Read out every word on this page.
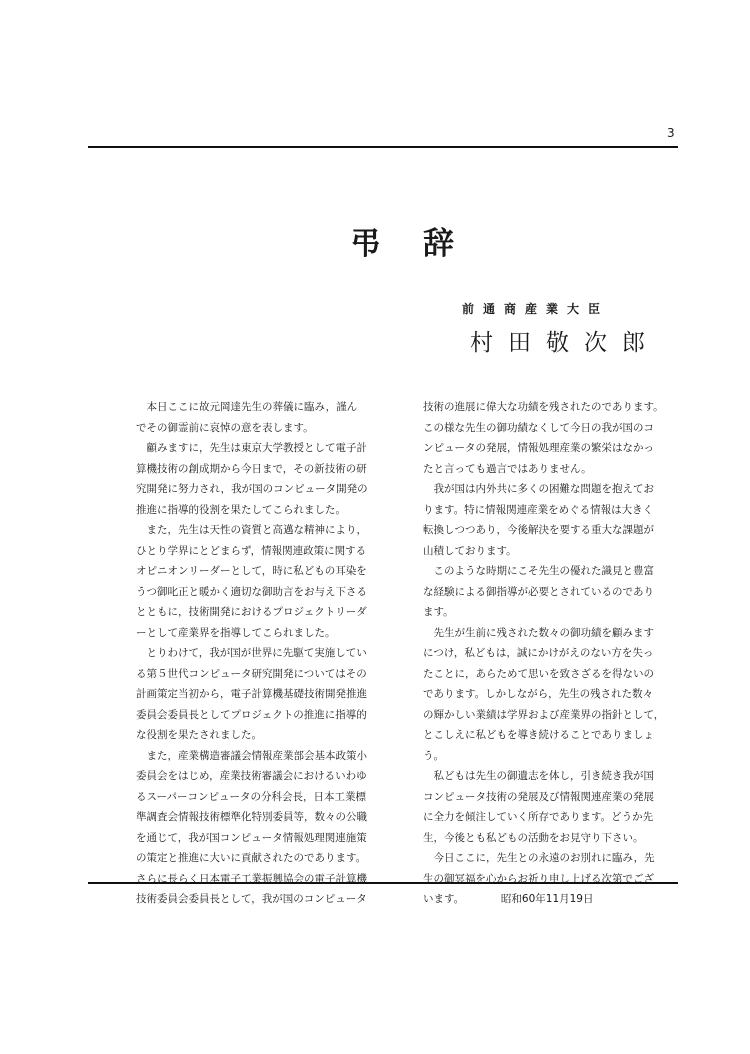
3
弔辞
前通商産業大臣
村田敬次郎
本日ここに故元岡達先生の葬儀に臨み，謹ん
でその御霊前に哀悼の意を表します。
顧みますに，先生は東京大学教授として電子計
算機技術の創成期から今日まで，その新技術の研
究開発に努力され，我が国のコンピュータ開発の
推進に指導的役割を果たしてこられました。
また，先生は天性の資質と高邁な精神により，
ひとり学界にとどまらず，情報関連政策に関する
オピニオンリーダーとして，時に私どもの耳染を
うつ御叱正と暖かく適切な御助言をお与え下さる
とともに，技術開発におけるプロジェクトリーダ
ーとして産業界を指導してこられました。
とりわけて，我が国が世界に先駆て実施してい
る第５世代コンピュータ研究開発についてはその
計画策定当初から，電子計算機基礎技術開発推進
委員会委員長としてプロジェクトの推進に指導的
な役割を果たされました。
また，産業構造審議会情報産業部会基本政策小
委員会をはじめ，産業技術審議会におけるいわゆ
るスーパーコンピュータの分科会長，日本工業標
準調査会情報技術標準化特別委員等，数々の公職
を通じて，我が国コンピュータ情報処理関連施策
の策定と推進に大いに貢献されたのであります。
さらに長らく日本電子工業振興協会の電子計算機
技術委員会委員長として，我が国のコンピュータ
技術の進展に偉大な功績を残されたのであります。
この様な先生の御功績なくして今日の我が国のコ
ンピュータの発展，情報処理産業の繁栄はなかっ
たと言っても過言ではありません。
我が国は内外共に多くの困難な問題を抱えてお
ります。特に情報関連産業をめぐる情報は大きく
転換しつつあり，今後解決を要する重大な課題が
山積しております。
このような時期にこそ先生の優れた識見と豊富
な経験による御指導が必要とされているのであり
ます。
先生が生前に残された数々の御功績を顧みます
につけ，私どもは，誠にかけがえのない方を失っ
たことに，あらためて思いを致さざるを得ないの
であります。しかしながら，先生の残された数々
の輝かしい業績は学界および産業界の指針として，
とこしえに私どもを導き続けることでありましょ
う。
私どもは先生の御遺志を体し，引き続き我が国
コンピュータ技術の発展及び情報関連産業の発展
に全力を傾注していく所存であります。どうか先
生，今後とも私どもの活動をお見守り下さい。
今日ここに，先生との永遠のお別れに臨み，先
生の御冥福を心からお祈り申し上げる次第でござ
います。　　　　昭和60年11月19日
